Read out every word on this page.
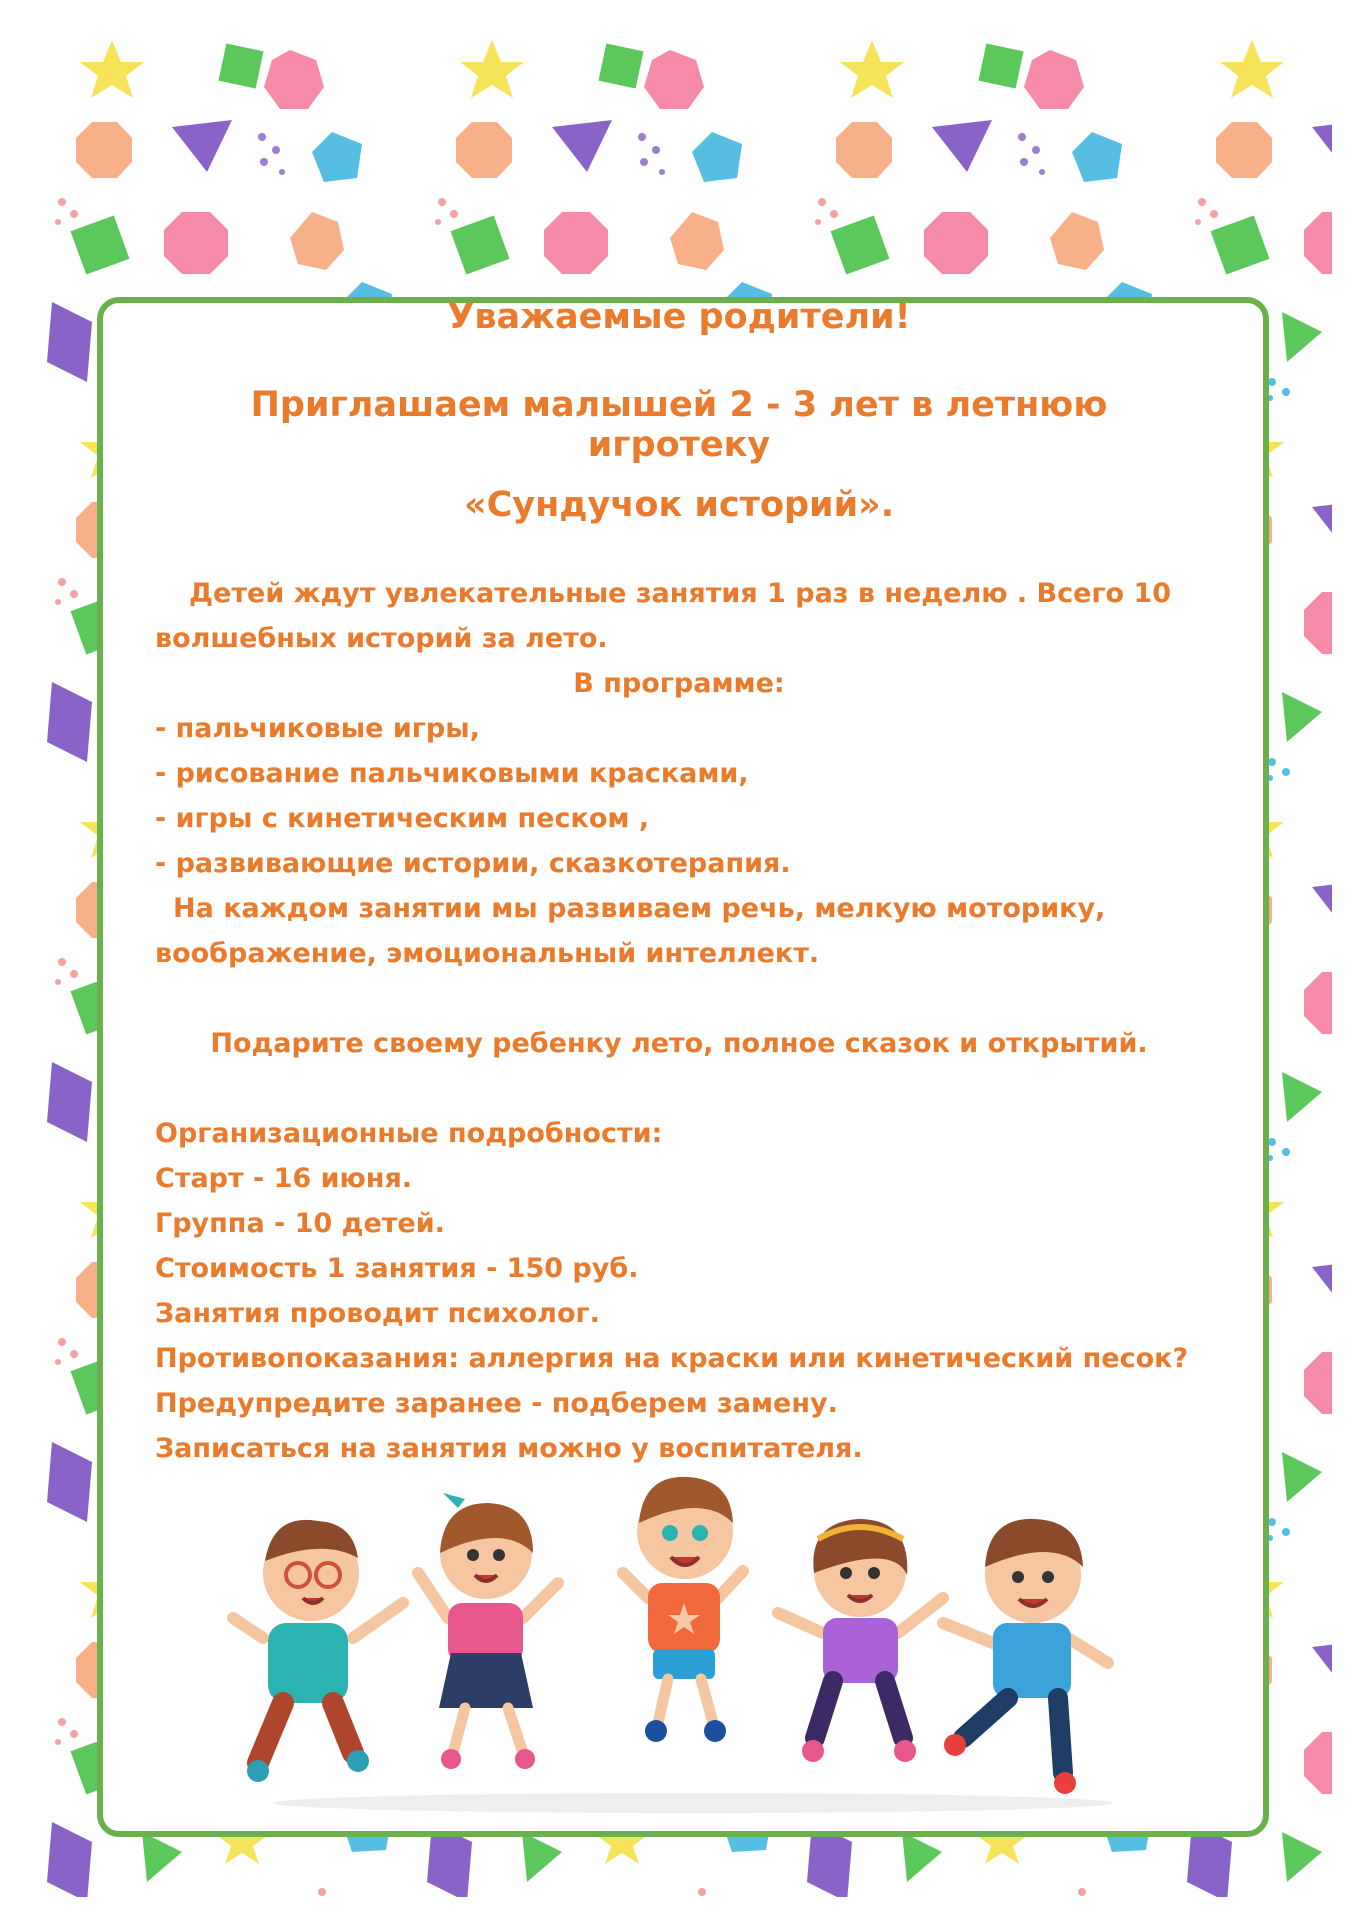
Уважаемые родители!
Приглашаем малышей 2 - 3 лет в летнюю игротеку
«Сундучок историй».

Детей ждут увлекательные занятия 1 раз в неделю . Всего 10

волшебных историй за лето.

В программе:

- пальчиковые игры,

- рисование пальчиковыми красками,

- игры с кинетическим песком ,

- развивающие истории, сказкотерапия.

На каждом занятии мы развиваем речь, мелкую моторику,

воображение, эмоциональный интеллект.

Подарите своему ребенку лето, полное сказок и открытий.

Организационные подробности:

Старт - 16 июня.

Группа - 10 детей.

Стоимость 1 занятия - 150 руб.

Занятия проводит психолог.

Противопоказания: аллергия на краски или кинетический песок?

Предупредите заранее - подберем замену.

Записаться на занятия можно у воспитателя.
